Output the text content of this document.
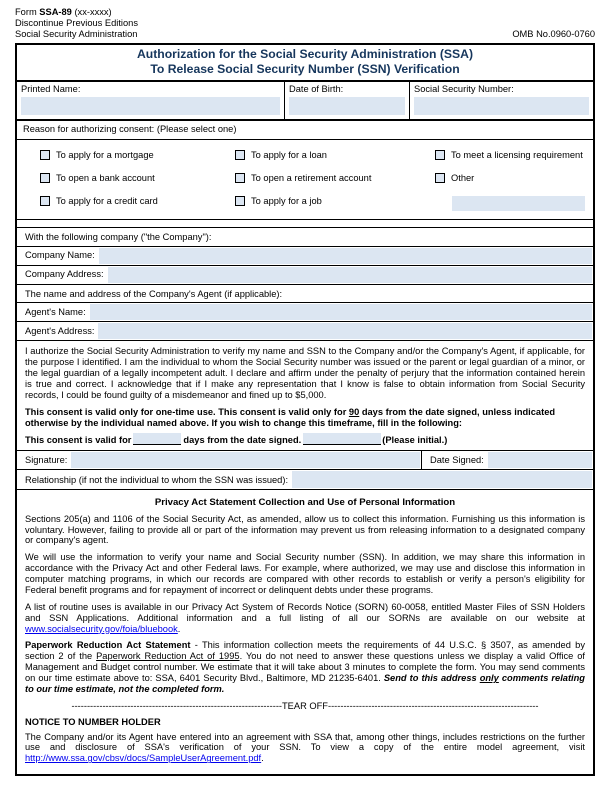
Form SSA-89 (xx-xxxx)
Discontinue Previous Editions
Social Security Administration	OMB No.0960-0760
Authorization for the Social Security Administration (SSA)
To Release Social Security Number (SSN) Verification
Printed Name:	Date of Birth:	Social Security Number:
Reason for authorizing consent: (Please select one)
To apply for a mortgage
To open a bank account
To apply for a credit card
To apply for a loan
To open a retirement account
To apply for a job
To meet a licensing requirement
Other
With the following company ("the Company"):
Company Name:
Company Address:
The name and address of the Company's Agent (if applicable):
Agent's Name:
Agent's Address:
I authorize the Social Security Administration to verify my name and SSN to the Company and/or the Company's Agent, if applicable, for the purpose I identified. I am the individual to whom the Social Security number was issued or the parent or legal guardian of a minor, or the legal guardian of a legally incompetent adult. I declare and affirm under the penalty of perjury that the information contained herein is true and correct. I acknowledge that if I make any representation that I know is false to obtain information from Social Security records, I could be found guilty of a misdemeanor and fined up to $5,000.
This consent is valid only for one-time use. This consent is valid only for 90 days from the date signed, unless indicated otherwise by the individual named above. If you wish to change this timeframe, fill in the following:
This consent is valid for	days from the date signed.	(Please initial.)
Signature:	Date Signed:
Relationship (if not the individual to whom the SSN was issued):
Privacy Act Statement Collection and Use of Personal Information

Sections 205(a) and 1106 of the Social Security Act, as amended, allow us to collect this information. Furnishing us this information is voluntary. However, failing to provide all or part of the information may prevent us from releasing information to a designated company or company's agent.

We will use the information to verify your name and Social Security number (SSN). In addition, we may share this information in accordance with the Privacy Act and other Federal laws. For example, where authorized, we may use and disclose this information in computer matching programs, in which our records are compared with other records to establish or verify a person's eligibility for Federal benefit programs and for repayment of incorrect or delinquent debts under these programs.

A list of routine uses is available in our Privacy Act System of Records Notice (SORN) 60-0058, entitled Master Files of SSN Holders and SSN Applications. Additional information and a full listing of all our SORNs are available on our website at www.socialsecurity.gov/foia/bluebook.

Paperwork Reduction Act Statement - This information collection meets the requirements of 44 U.S.C. § 3507, as amended by section 2 of the Paperwork Reduction Act of 1995. You do not need to answer these questions unless we display a valid Office of Management and Budget control number. We estimate that it will take about 3 minutes to complete the form. You may send comments on our time estimate above to: SSA, 6401 Security Blvd., Baltimore, MD 21235-6401. Send to this address only comments relating to our time estimate, not the completed form.

--------------------------------------------------------------------TEAR OFF--------------------------------------------------------------------
NOTICE TO NUMBER HOLDER

The Company and/or its Agent have entered into an agreement with SSA that, among other things, includes restrictions on the further use and disclosure of SSA's verification of your SSN. To view a copy of the entire model agreement, visit http://www.ssa.gov/cbsv/docs/SampleUserAgreement.pdf.
